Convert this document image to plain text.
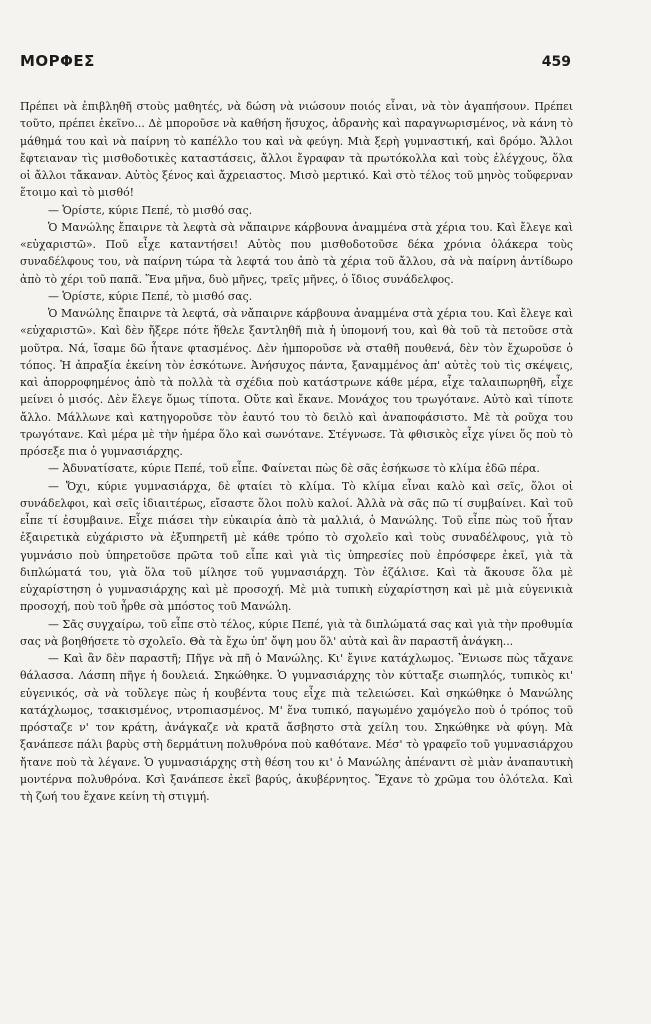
ΜΟΡΦΕΣ	459

Πρέπει νὰ ἐπιβληθῆ στοὺς μαθητές, νὰ δώση νὰ νιώσουν ποιός εἶναι, νὰ τὸν ἀγαπήσουν. Πρέπει τοῦτο, πρέπει ἐκεῖνο... Δὲ μποροῦσε νὰ καθήση ἥσυχος, ἀδρανὴς καὶ παραγνωρισμένος, νὰ κάνη τὸ μάθημά του καὶ νὰ παίρνη τὸ καπέλλο του καὶ νὰ φεύγη. Μιὰ ξερὴ γυμναστική, καὶ δρόμο. Ἄλλοι ἔφτειαναν τὶς μισθοδοτικὲς καταστάσεις, ἄλλοι ἔγραφαν τὰ πρωτόκολλα καὶ τοὺς ἐλέγχους, ὅλα οἱ ἄλλοι τἄκαναν. Αὐτὸς ξένος καὶ ἄχρειαστος. Μισὸ μερτικό. Καὶ στὸ τέλος τοῦ μηνὸς τοὔφερναν ἕτοιμο καὶ τὸ μισθό!

— Ὁρίστε, κύριε Πεπέ, τὸ μισθό σας.

Ὁ Μανώλης ἔπαιρνε τὰ λεφτὰ σὰ νἄπαιρνε κάρβουνα ἀναμμένα στὰ χέρια του. Καὶ ἔλεγε καὶ «εὐχαριστῶ». Ποῦ εἶχε καταντήσει! Αὐτὸς που μισθοδοτοῦσε δέκα χρόνια ὁλάκερα τοὺς συναδέλφους του, νὰ παίρνη τώρα τὰ λεφτά του ἀπὸ τὰ χέρια τοῦ ἄλλου, σὰ νὰ παίρνη ἀντίδωρο ἀπὸ τὸ χέρι τοῦ παπᾶ. Ἕνα μῆνα, δυὸ μῆνες, τρεῖς μῆνες, ὁ ἴδιος συνάδελφος.

— Ὁρίστε, κύριε Πεπέ, τὸ μισθό σας.

Ὁ Μανώλης ἔπαιρνε τὰ λεφτά, σὰ νἄπαιρνε κάρβουνα ἀναμμένα στὰ χέρια του. Καὶ ἔλεγε καὶ «εὐχαριστῶ». Καὶ δὲν ἤξερε πότε ἤθελε ξαντληθῆ πιὰ ἡ ὑπομονή του, καὶ θὰ τοῦ τὰ πετοῦσε στὰ μοῦτρα. Νά, ἴσαμε δῶ ἦτανε φτασμένος. Δὲν ἠμποροῦσε νὰ σταθῆ πουθενά, δὲν τὸν ἔχωροῦσε ὁ τόπος. Ἡ ἀπραξία ἐκείνη τὸν ἐσκότωνε. Ἀνήσυχος πάντα, ξαναμμένος ἀπ' αὐτὲς τοὺ τὶς σκέψεις, καὶ ἀπορροφημένος ἀπὸ τὰ πολλὰ τὰ σχέδια ποὺ κατάστρωνε κάθε μέρα, εἶχε ταλαιπωρηθῆ, εἶχε μείνει ὁ μισός. Δὲν ἔλεγε ὅμως τίποτα. Οὔτε καὶ ἔκανε. Μονάχος του τρωγότανε. Αὐτὸ καὶ τίποτε ἄλλο. Μάλλωνε καὶ κατηγοροῦσε τὸν ἑαυτό του τὸ δειλὸ καὶ ἀναποφάσιστο. Μὲ τὰ ροῦχα του τρωγότανε. Καὶ μέρα μὲ τὴν ἡμέρα ὅλο καὶ σωνότανε. Στέγνωσε. Τὰ φθισικὸς εἶχε γίνει ὅς ποὺ τὸ πρόσεξε πια ὁ γυμνασιάρχης.

— Ἀδυνατίσατε, κύριε Πεπέ, τοῦ εἶπε. Φαίνεται πὼς δὲ σᾶς ἐσήκωσε τὸ κλίμα ἐδῶ πέρα.

— Ὄχι, κύριε γυμνασιάρχα, δὲ φταίει τὸ κλίμα. Τὸ κλίμα εἶναι καλὸ καὶ σεῖς, ὅλοι οἱ συνάδελφοι, καὶ σεῖς ἰδιαιτέρως, εἴσαστε ὅλοι πολὺ καλοί. Ἀλλὰ νὰ σᾶς πῶ τί συμβαίνει. Καὶ τοῦ εἶπε τί ἐσυμβαινε. Εἶχε πιάσει τὴν εὐκαιρία ἀπὸ τὰ μαλλιά, ὁ Μανώλης. Τοῦ εἶπε πὼς τοῦ ἦταν ἐξαιρετικὰ εὐχάριστο νὰ ἐξυπηρετῆ μὲ κάθε τρόπο τὸ σχολεῖο καὶ τοὺς συναδέλφους, γιὰ τὸ γυμνάσιο ποὺ ὑπηρετοῦσε πρῶτα τοῦ εἶπε καὶ γιὰ τὶς ὑπηρεσίες ποὺ ἐπρόσφερε ἐκεῖ, γιὰ τὰ διπλώματά του, γιὰ ὅλα τοῦ μίλησε τοῦ γυμνασιάρχη. Τὸν ἐζάλισε. Καὶ τὰ ἄκουσε ὅλα μὲ εὐχαρίστηση ὁ γυμνασιάρχης καὶ μὲ προσοχή. Μὲ μιὰ τυπικὴ εὐχαρίστηση καὶ μὲ μιὰ εὐγενικιὰ προσοχή, ποὺ τοῦ ἦρθε σὰ μπόστος τοῦ Μανώλη.

— Σᾶς συγχαίρω, τοῦ εἶπε στὸ τέλος, κύριε Πεπέ, γιὰ τὰ διπλώματά σας καὶ γιὰ τὴν προθυμία σας νὰ βοηθήσετε τὸ σχολεῖο. Θὰ τὰ ἔχω ὑπ' ὄψη μου ὅλ' αὐτὰ καὶ ἂν παραστῆ ἀνάγκη...

— Καὶ ἂν δὲν παραστῆ; Πῆγε νὰ πῆ ὁ Μανώλης. Κι' ἔγινε κατάχλωμος. Ἔνιωσε πὼς τἄχανε θάλασσα. Λάσπη πῆγε ἡ δουλειά. Σηκώθηκε. Ὁ γυμνασιάρχης τὸν κύτταξε σιωπηλός, τυπικὸς κι' εὐγενικός, σὰ νὰ τοὔλεγε πὼς ἡ κουβέντα τους εἶχε πιὰ τελειώσει. Καὶ σηκώθηκε ὁ Μανώλης κατάχλωμος, τσακισμένος, ντροπιασμένος. Μ' ἕνα τυπικό, παγωμένο χαμόγελο ποὺ ὁ τρόπος τοῦ πρόσταζε ν' τον κράτη, ἀνάγκαζε νὰ κρατᾶ ἄσβηστο στὰ χείλη του. Σηκώθηκε νὰ φύγη. Μὰ ξανάπεσε πάλι βαρὺς στὴ δερμάτινη πολυθρόνα ποὺ καθότανε. Μέσ' τὸ γραφεῖο τοῦ γυμνασιάρχου ἤτανε ποὺ τὰ λέγανε. Ὁ γυμνασιάρχης στὴ θέση του κι' ὁ Μανώλης ἀπέναντι σὲ μιὰν ἀναπαυτικὴ μοντέρνα πολυθρόνα. Κσὶ ξανάπεσε ἐκεῖ βαρύς, ἀκυβέρνητος. Ἔχανε τὸ χρῶμα του ὁλότελα. Καὶ τὴ ζωή του ἔχανε κείνη τὴ στιγμή.
